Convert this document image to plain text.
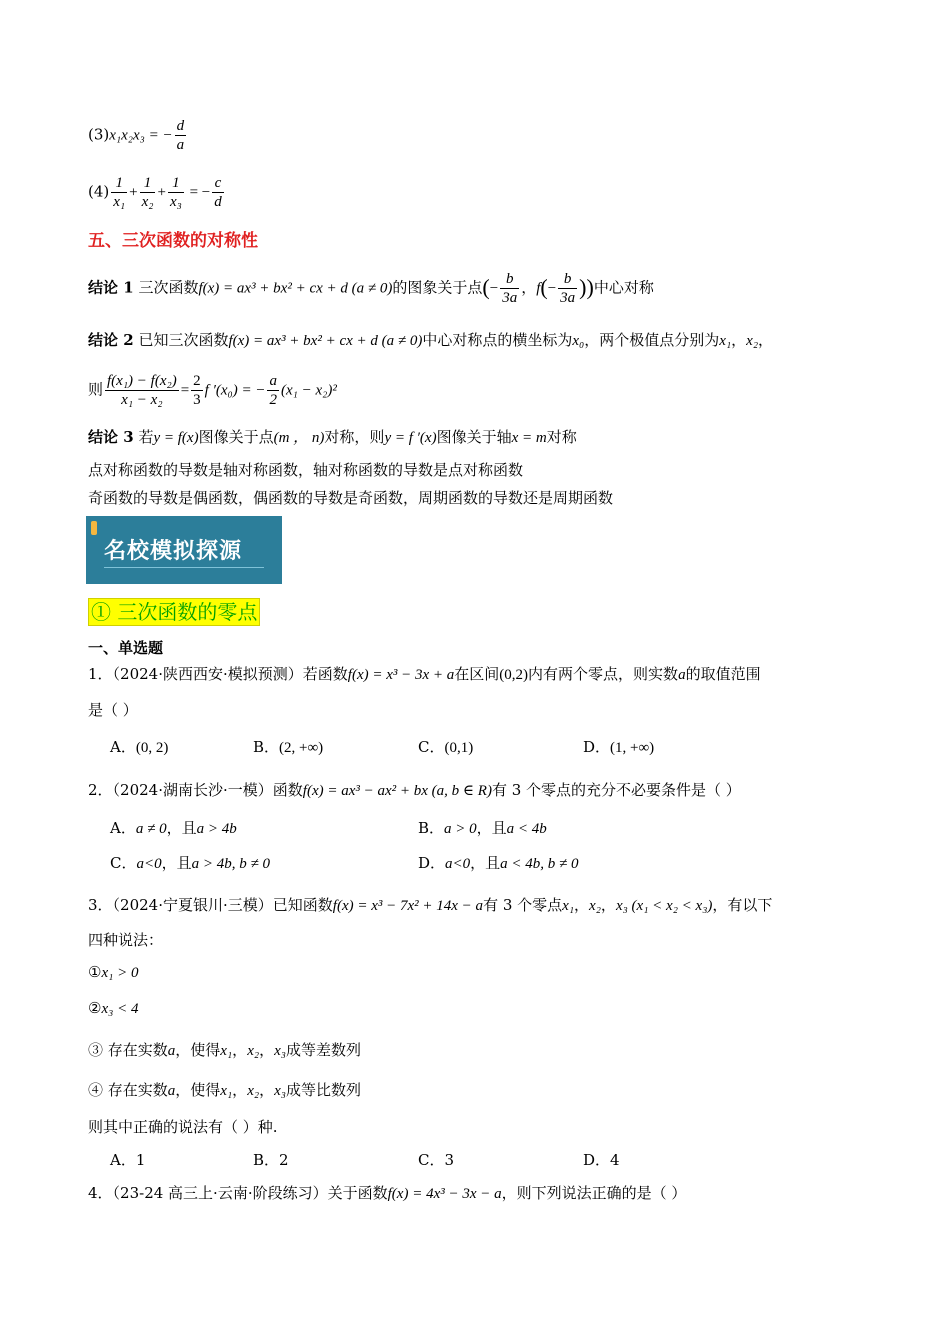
(3)x₁x₂x₃ = − $\frac{d}{a}$
$(4) \frac{1}{\text{x₁}} + \frac{1}{\text{x₂}} + \frac{1}{\text{x₃}}$ = − $\frac{c}{d}$
五、三次函数的对称性
结论 1 三次函数f(x) = ax³ + bx² + cx + d (a ≠ 0)的图象关于点(− $\frac{b}{3a}$ ，$f(- \frac{b}{3a}$ ))中心对称
结论 2 已知三次函数f(x) = ax³ + bx² + cx + d (a ≠ 0)中心对称点的横坐标为x₀，两个极值点分别为x₁，x₂，
则 $\frac{\text{f(x₁) − f(x₂)}}{\text{x₁ − x₂}} = \frac{2}{3}$ f ′(x₀) = − $\frac{a}{2} (x_1 - x_2)^2$
结论 3 若y = f(x)图像关于点(m ， n)对称，则y = f ′(x)图像关于轴x = m对称
点对称函数的导数是轴对称函数，轴对称函数的导数是点对称函数
奇函数的导数是偶函数，偶函数的导数是奇函数，周期函数的导数还是周期函数
名校模拟探源
① 三次函数的零点
一、单选题
1．（2024·陕西西安·模拟预测）若函数f(x) = x³ − 3x + a在区间(0,2)内有两个零点，则实数a的取值范围
是（ ）
A．(0, 2)	B．(2, +∞)	C．(0,1)	D．(1, +∞)
2．（2024·湖南长沙·一模）函数f(x) = ax³ − ax² + bx (a, b ∈ R)有 3 个零点的充分不必要条件是（ ）
A．a ≠ 0，且a > 4b	B．a > 0，且a < 4b
C．a<0，且a > 4b, b ≠ 0	D．a<0，且a < 4b, b ≠ 0
3．（2024·宁夏银川·三模）已知函数f(x) = x³ − 7x² + 14x − a有 3 个零点x₁，x₂，x₃ (x₁ < x₂ < x₃)，有以下
四种说法：
①x₁ > 0
②x₃ < 4
③ 存在实数a，使得x₁，x₂，x₃成等差数列
④ 存在实数a，使得x₁，x₂，x₃成等比数列
则其中正确的说法有（ ）种.
A．1	B．2	C．3	D．4
4．（23-24 高三上·云南·阶段练习）关于函数f(x) = 4x³ − 3x − a，则下列说法正确的是（ ）
